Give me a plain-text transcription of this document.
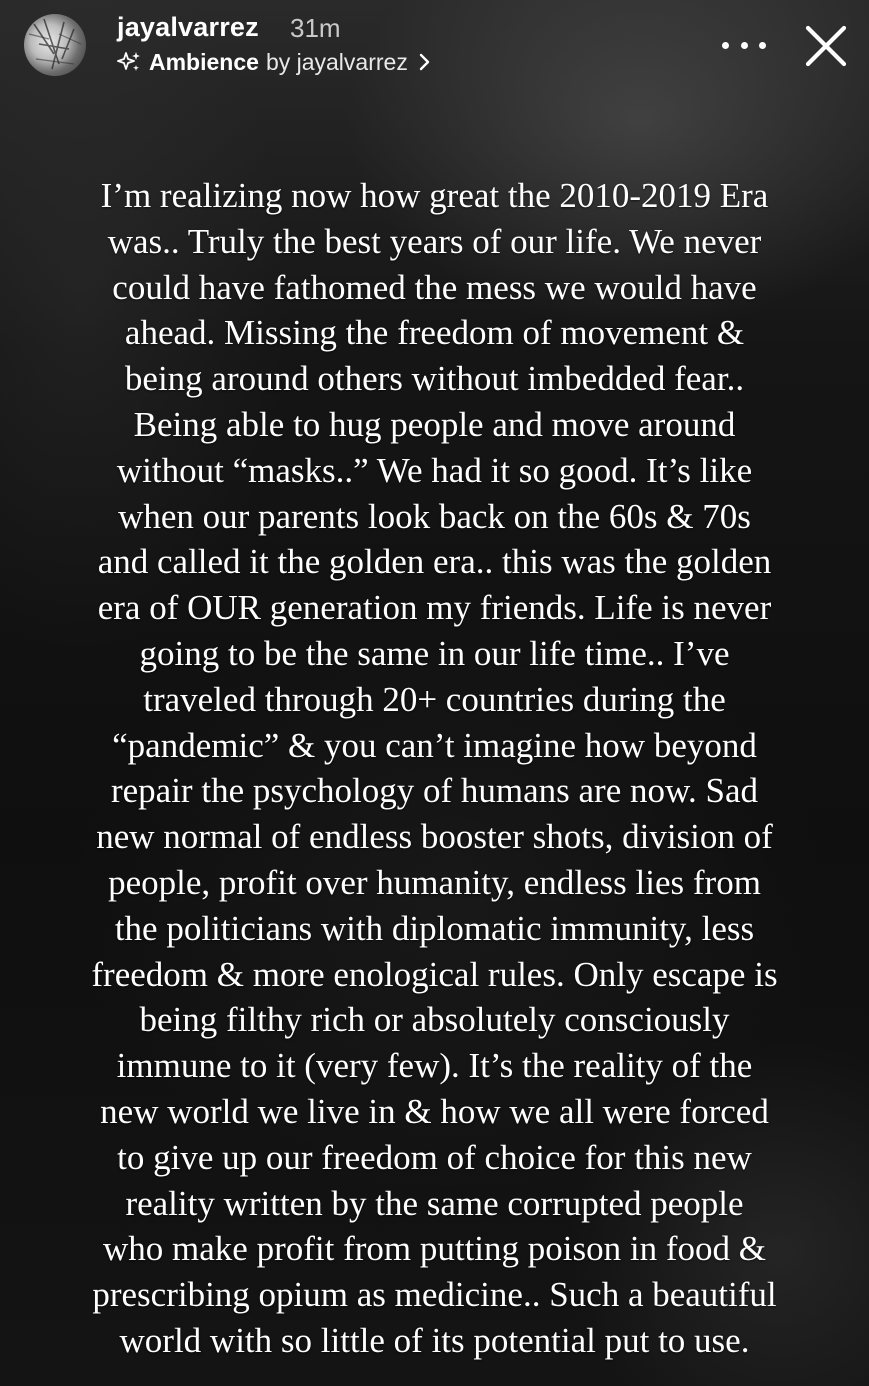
jayalvarrez 31m
Ambience by jayalvarrez
I’m realizing now how great the 2010-2019 Era
was.. Truly the best years of our life. We never
could have fathomed the mess we would have
ahead. Missing the freedom of movement &
being around others without imbedded fear..
Being able to hug people and move around
without “masks..” We had it so good. It’s like
when our parents look back on the 60s & 70s
and called it the golden era.. this was the golden
era of OUR generation my friends. Life is never
going to be the same in our life time.. I’ve
traveled through 20+ countries during the
“pandemic” & you can’t imagine how beyond
repair the psychology of humans are now. Sad
new normal of endless booster shots, division of
people, profit over humanity, endless lies from
the politicians with diplomatic immunity, less
freedom & more enological rules. Only escape is
being filthy rich or absolutely consciously
immune to it (very few). It’s the reality of the
new world we live in & how we all were forced
to give up our freedom of choice for this new
reality written by the same corrupted people
who make profit from putting poison in food &
prescribing opium as medicine.. Such a beautiful
world with so little of its potential put to use.
